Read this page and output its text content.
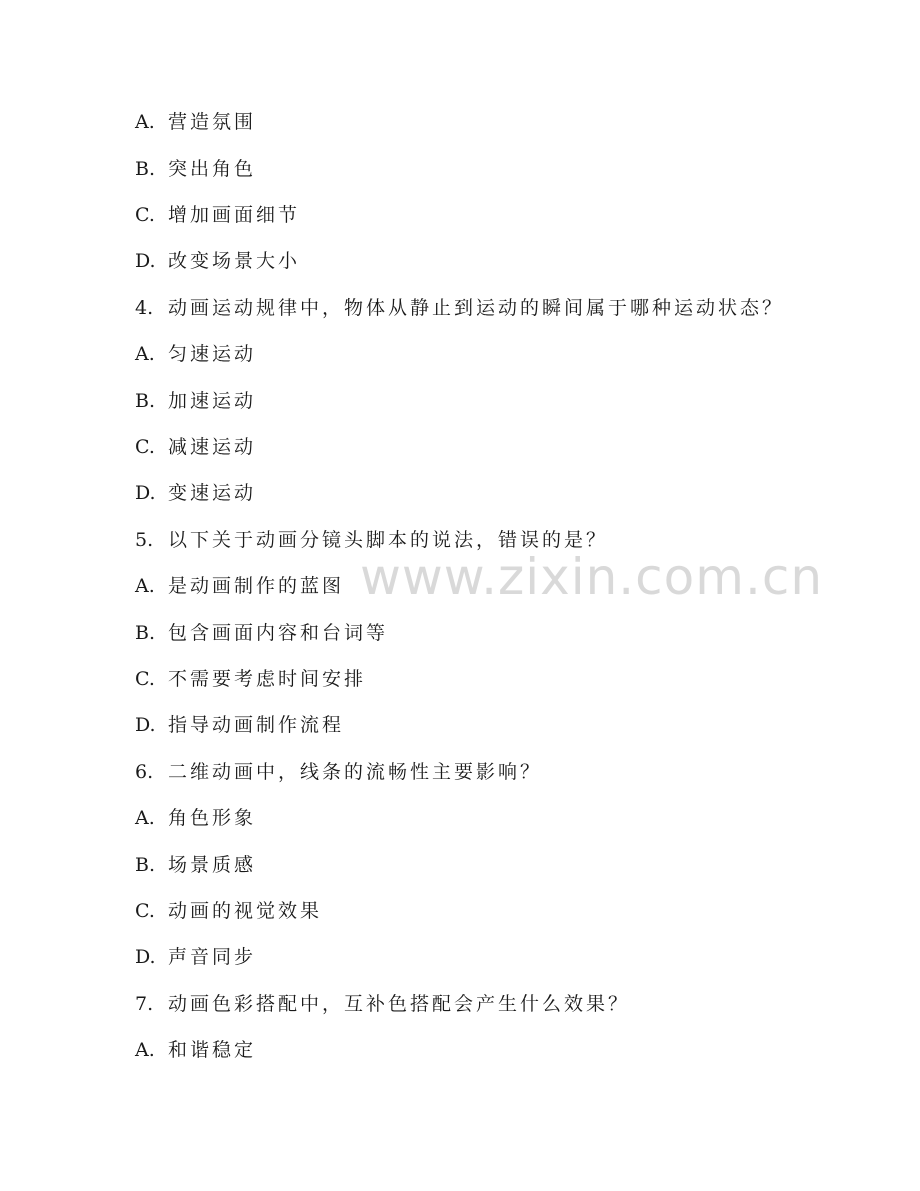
www.zixin.com.cn
A. 营造氛围
B. 突出角色
C. 增加画面细节
D. 改变场景大小
4. 动画运动规律中，物体从静止到运动的瞬间属于哪种运动状态？
A. 匀速运动
B. 加速运动
C. 减速运动
D. 变速运动
5. 以下关于动画分镜头脚本的说法，错误的是？
A. 是动画制作的蓝图
B. 包含画面内容和台词等
C. 不需要考虑时间安排
D. 指导动画制作流程
6. 二维动画中，线条的流畅性主要影响？
A. 角色形象
B. 场景质感
C. 动画的视觉效果
D. 声音同步
7. 动画色彩搭配中，互补色搭配会产生什么效果？
A. 和谐稳定
